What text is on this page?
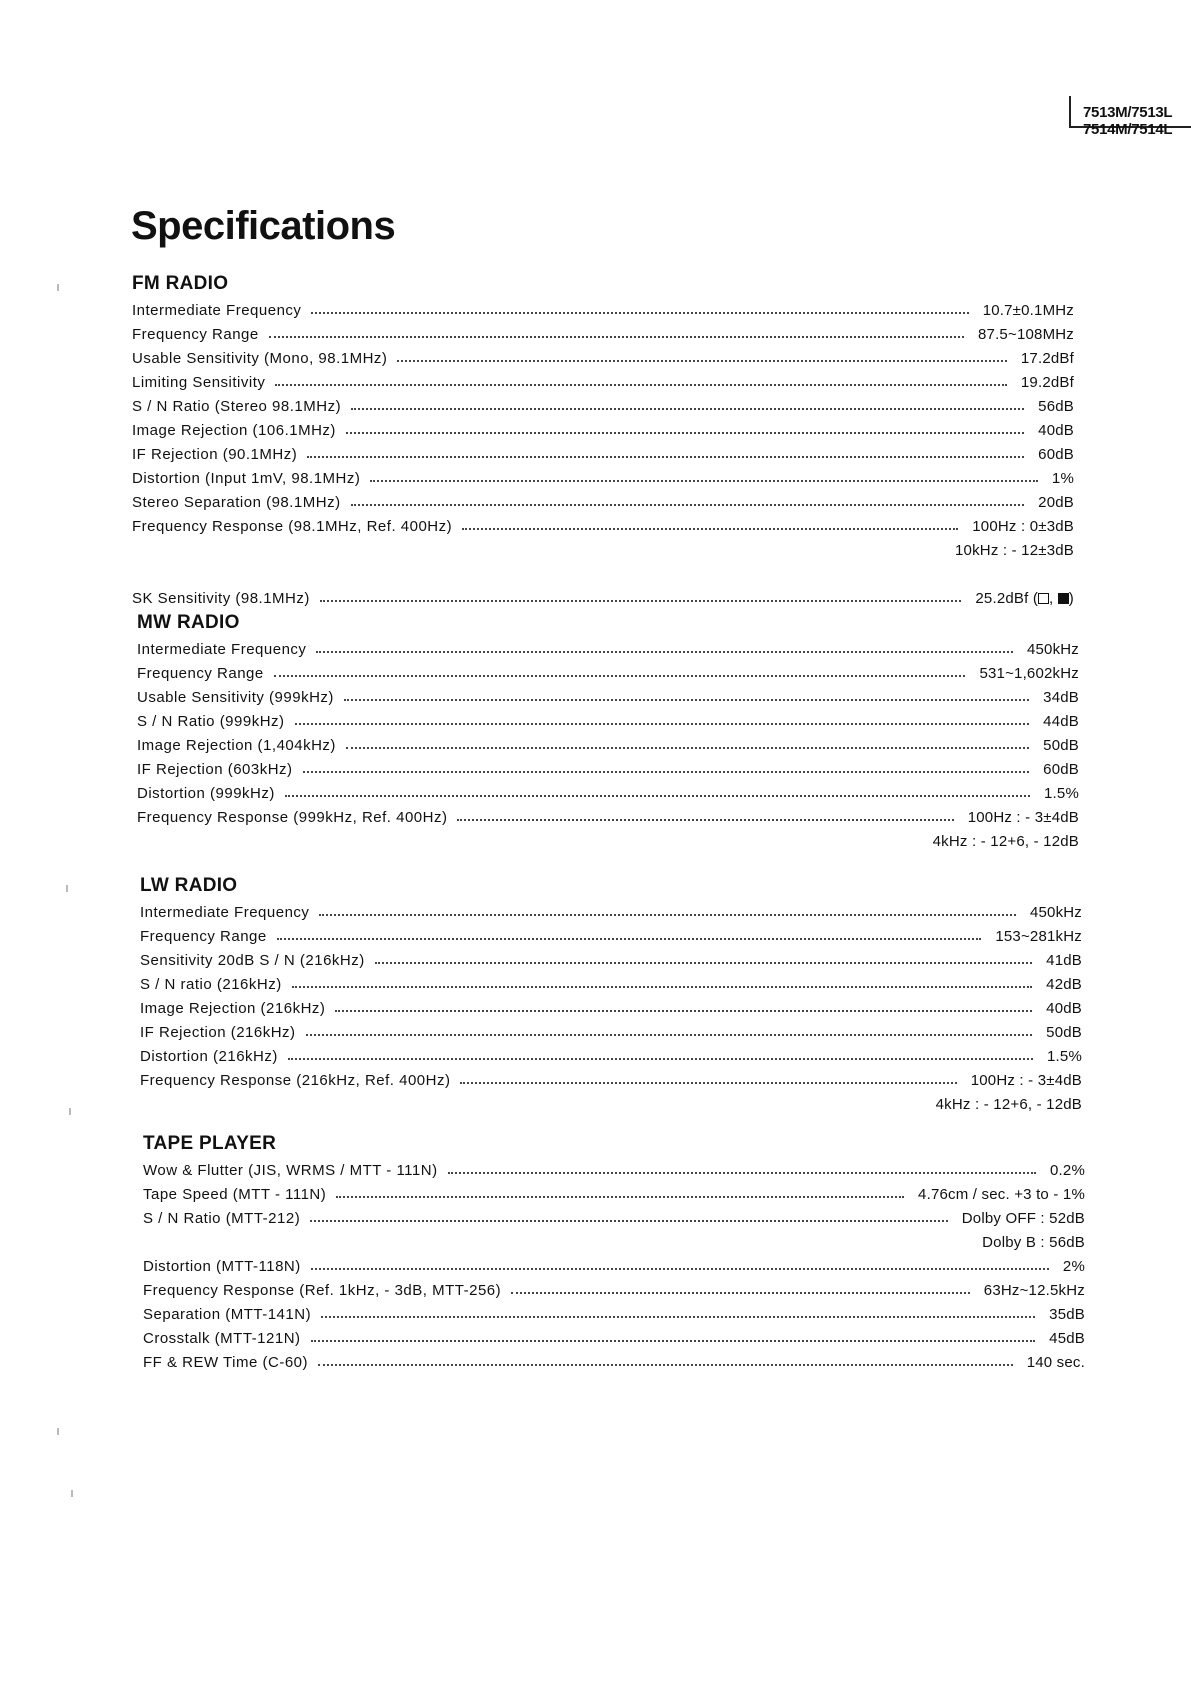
7513M/7513L
7514M/7514L
Specifications
FM RADIO
Intermediate Frequency	10.7±0.1MHz
Frequency Range	87.5~108MHz
Usable Sensitivity (Mono, 98.1MHz)	17.2dBf
Limiting Sensitivity	19.2dBf
S / N Ratio (Stereo 98.1MHz)	56dB
Image Rejection (106.1MHz)	40dB
IF Rejection (90.1MHz)	60dB
Distortion (Input 1mV, 98.1MHz)	1%
Stereo Separation (98.1MHz)	20dB
Frequency Response (98.1MHz, Ref. 400Hz)	100Hz : 0±3dB
10kHz : - 12±3dB
SK Sensitivity (98.1MHz)	25.2dBf ( , )
MW RADIO
Intermediate Frequency	450kHz
Frequency Range	531~1,602kHz
Usable Sensitivity (999kHz)	34dB
S / N Ratio (999kHz)	44dB
Image Rejection (1,404kHz)	50dB
IF Rejection (603kHz)	60dB
Distortion (999kHz)	1.5%
Frequency Response (999kHz, Ref. 400Hz)	100Hz : - 3±4dB
4kHz : - 12+6, - 12dB
LW RADIO
Intermediate Frequency	450kHz
Frequency Range	153~281kHz
Sensitivity 20dB S / N (216kHz)	41dB
S / N ratio (216kHz)	42dB
Image Rejection (216kHz)	40dB
IF Rejection (216kHz)	50dB
Distortion (216kHz)	1.5%
Frequency Response (216kHz, Ref. 400Hz)	100Hz : - 3±4dB
4kHz : - 12+6, - 12dB
TAPE PLAYER
Wow & Flutter (JIS, WRMS / MTT - 111N)	0.2%
Tape Speed (MTT - 111N)	4.76cm / sec. +3 to - 1%
S / N Ratio (MTT-212)	Dolby OFF : 52dB
Dolby B : 56dB
Distortion (MTT-118N)	2%
Frequency Response (Ref. 1kHz, - 3dB, MTT-256)	63Hz~12.5kHz
Separation (MTT-141N)	35dB
Crosstalk (MTT-121N)	45dB
FF & REW Time (C-60)	140 sec.
